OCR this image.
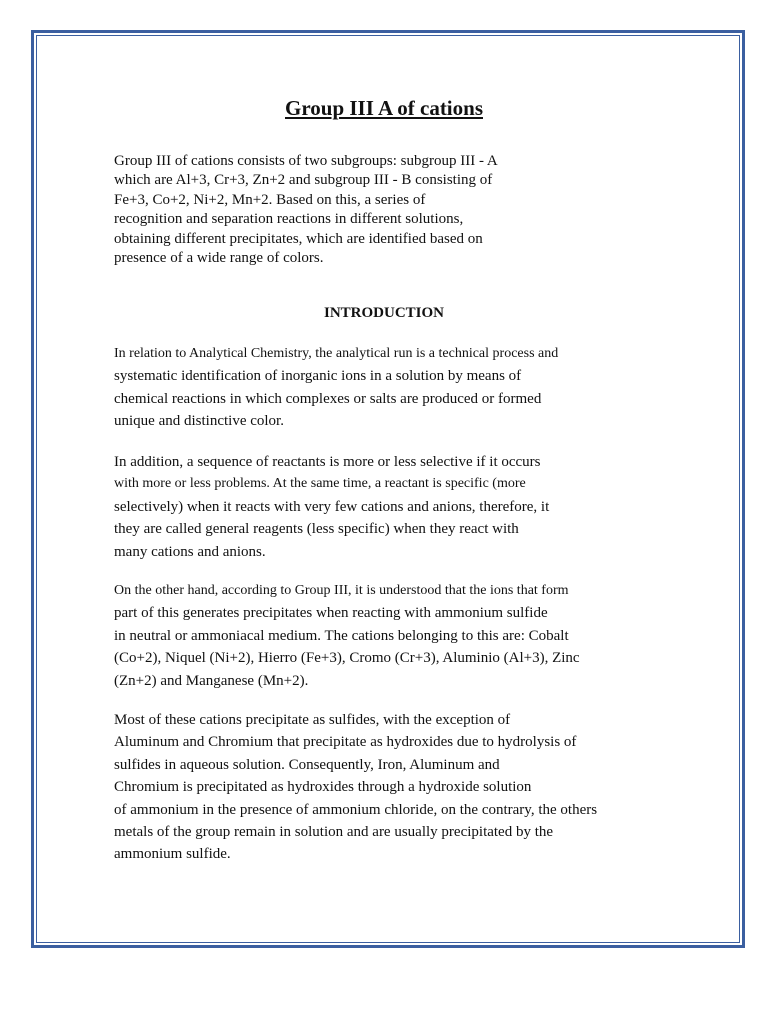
Group III A of cations

Group III of cations consists of two subgroups: subgroup III - A
which are Al+3, Cr+3, Zn+2 and subgroup III - B consisting of
Fe+3, Co+2, Ni+2, Mn+2. Based on this, a series of
recognition and separation reactions in different solutions,
obtaining different precipitates, which are identified based on
presence of a wide range of colors.

INTRODUCTION

In relation to Analytical Chemistry, the analytical run is a technical process and
systematic identification of inorganic ions in a solution by means of
chemical reactions in which complexes or salts are produced or formed
unique and distinctive color.

In addition, a sequence of reactants is more or less selective if it occurs
with more or less problems. At the same time, a reactant is specific (more
selectively) when it reacts with very few cations and anions, therefore, it
they are called general reagents (less specific) when they react with
many cations and anions.

On the other hand, according to Group III, it is understood that the ions that form
part of this generates precipitates when reacting with ammonium sulfide
in neutral or ammoniacal medium. The cations belonging to this are: Cobalt
(Co+2), Niquel (Ni+2), Hierro (Fe+3), Cromo (Cr+3), Aluminio (Al+3), Zinc
(Zn+2) and Manganese (Mn+2).

Most of these cations precipitate as sulfides, with the exception of
Aluminum and Chromium that precipitate as hydroxides due to hydrolysis of
sulfides in aqueous solution. Consequently, Iron, Aluminum and
Chromium is precipitated as hydroxides through a hydroxide solution
of ammonium in the presence of ammonium chloride, on the contrary, the others
metals of the group remain in solution and are usually precipitated by the
ammonium sulfide.
